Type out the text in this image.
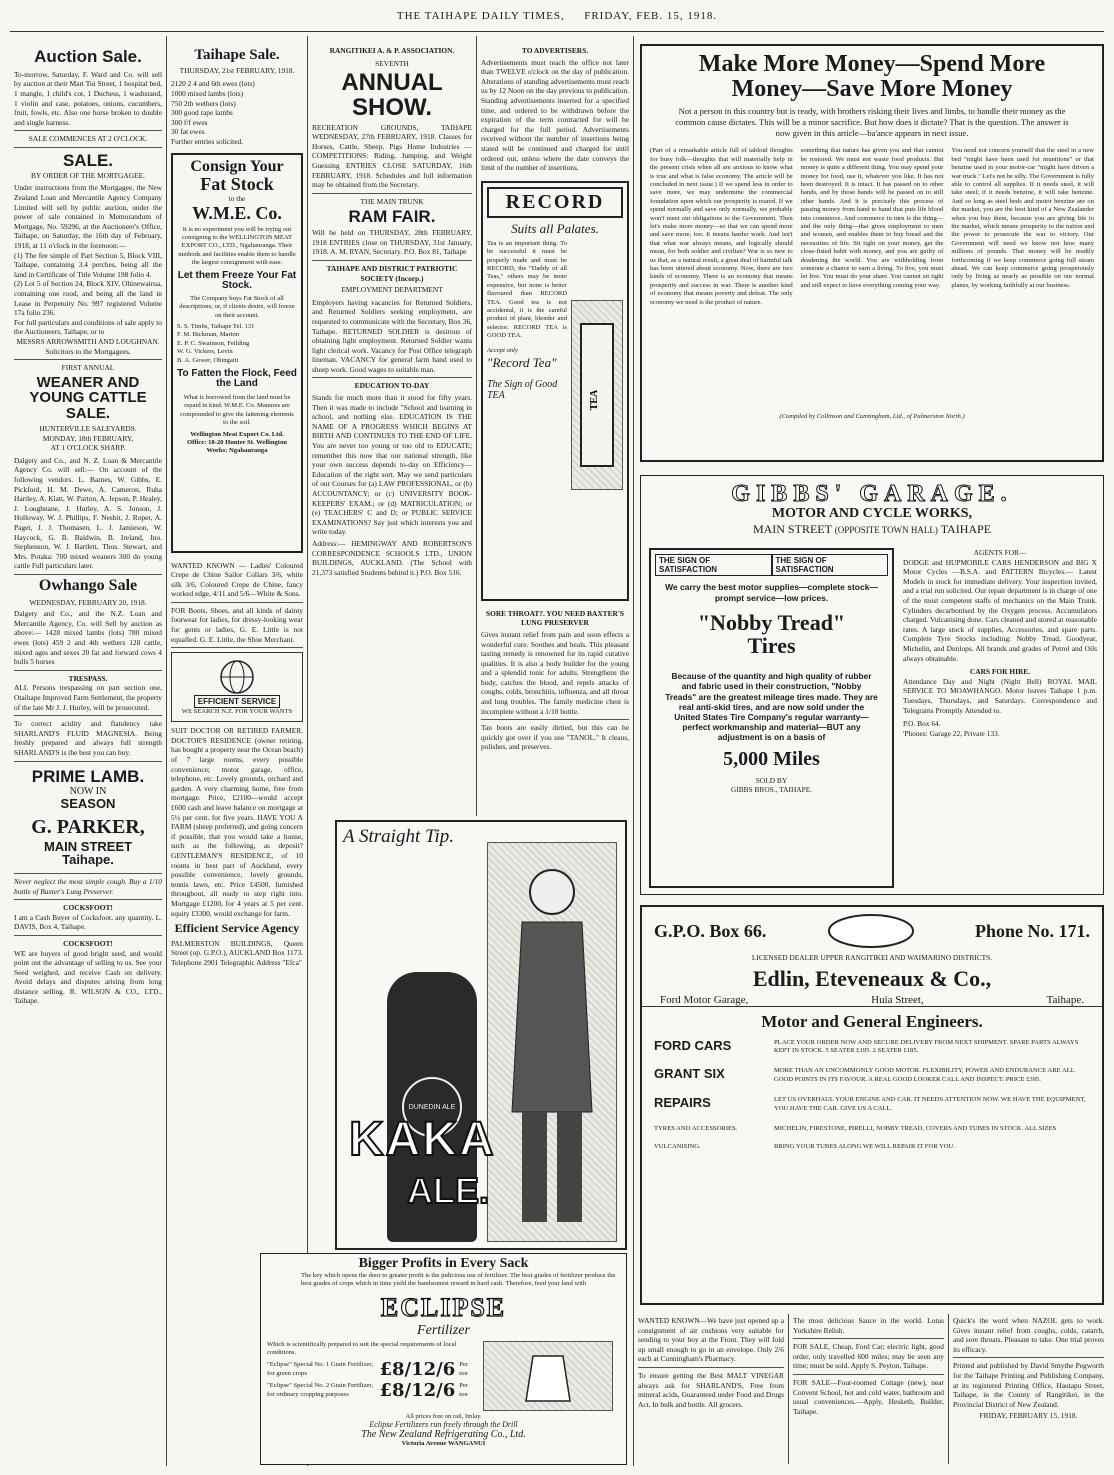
THE TAIHAPE DAILY TIMES, FRIDAY, FEB. 15, 1918.
Auction Sale.
To-morrow, Saturday, F. Ward and Co. will sell by auction at their Mart Tui Street, 1 hospital bed, 1 mangle, 1 child's cot, 1 Duchess, 1 washstand, 1 violin and case, potatoes, onions, cucumbers, fruit, fowls, etc. Also one horse broken to double and single harness.
SALE COMMENCES AT 2 O'CLOCK.
SALE.
BY ORDER OF THE MORTGAGEE.
Under instructions from the Mortgagee, the New Zealand Loan and Mercantile Agency Company Limited will sell by public auction, under the power of sale contained in Memorandum of Mortgage, No. 59296, at the Auctioneer's Office, Taihape, on Saturday, the 16th day of February, 1918, at 11 o'clock in the forenoon:—
(1) The fee simple of Part Section 5, Block VIII, Taihape, containing 3.4 perches, being all the land in Certificate of Title Volume 198 folio 4.
(2) Lot 5 of Section 24, Block XIV, Ohinewairua, containing one rood, and being all the land in Lease in Perpetuity No. 997 registered Volume 17a folio 236.
For full particulars and conditions of sale apply to the Auctioneers, Taihape, or to
MESSRS ARROWSMITH AND LOUGHNAN. Solicitors to the Mortgagees.
FIRST ANNUAL
WEANER AND YOUNG CATTLE SALE.
HUNTERVILLE SALEYARDS.
MONDAY, 18th FEBRUARY,
AT 1 O'CLOCK SHARP.
Dalgety and Co., and N. Z. Loan & Mercantile Agency Co. will sell:— On account of the following vendors. L. Barnes, W. Gibbs, E. Pickford, H. M. Dewe, A. Cameron, Ruha Hartley, A. Klatt, W. Parton, A. Jepson, P. Healey, J. Loughnane, J. Hurley, A. S. Jonson, J. Holloway, W. J. Phillips, F. Nesbit, J. Roper, A. Paget, J. J. Thomasen, L. J. Jamieson, W. Haycock, G. B. Baldwin, B. Ireland, Jno. Stephenson, W. J. Bartlett, Thos. Stewart, and Mrs. Potaka: 700 mixed weaners 300 do young cattle Full particulars later.
Owhango Sale
WEDNESDAY, FEBRUARY 20, 1918.
Dalgety and Co., and the N.Z. Loan and Mercantile Agency, Co. will Sell by auction as above:— 1428 mixed lambs (lots) 780 mixed ewes (lots) 459 2 and 4th wethers 128 cattle, mixed ages and sexes 20 fat and forward cows 4 bulls 5 horses
TRESPASS.
ALL Persons trespassing on part section one, Otaihape Improved Farm Settlement, the property of the late Mr J. J. Hurley, will be prosecuted.
To correct acidity and flatulency take SHARLAND'S FLUID MAGNESIA. Being freshly prepared and always full strength SHARLAND'S is the best you can buy.
PRIME LAMB.
NOW IN
SEASON
G. PARKER,
MAIN STREET
Taihape.
Never neglect the most simple cough. Buy a 1/10 bottle of Baxter's Lung Preserver.
COCKSFOOT!
I am a Cash Buyer of Cocksfoot, any quantity. L. DAVIS, Box 4, Taihape.
COCKSFOOT!
WE are buyers of good bright seed, and would point out the advantage of selling to us. See your Seed weighed, and receive Cash on delivery. Avoid delays and disputes arising from long distance selling. R. WILSON & CO., LTD., Taihape.
Taihape Sale.
THURSDAY, 21st FEBRUARY, 1918.
2120 2 4 and 6th ewes (lots)
1000 mixed lambs (lots)
750 2th wethers (lots)
300 good rape lambs
300 f/f ewes
30 fat ewes
Further entries solicited.
Consign Your
Fat Stock
to the
W.M.E. Co.
It is no experiment you will be trying out consigning to the WELLINGTON MEAT EXPORT CO., LTD., Ngahauranga. Their methods and facilities enable them to handle the largest consignment with ease.
Let them Freeze Your Fat Stock.
The Company buys Fat Stock of all descriptions; or, if clients desire, will freeze on their account.
S. S. Timbs, Taihape Tel. 131
F. M. Bickman, Marton
E. P. C. Swainson, Feilding
W. G. Vickers, Levin
B. A. Gower, Ohingaiti
To Fatten the Flock, Feed the Land
What is borrowed from the land must be repaid in kind. W.M.E. Co. Manures are compounded to give the fattening elements to the soil.
Wellington Meat Export Co. Ltd.
Office: 18-20 Hunter St. Wellington
Works: Ngahauranga
WANTED KNOWN — Ladies' Coloured Crepe de Chine Sailor Collars 3/6, white silk 3/6, Coloured Crepe de Chine, fancy worked edge, 4/11 and 5/6—White & Sons.
FOR Boots, Shoes, and all kinds of dainty footwear for ladies, for dressy-looking wear for gents or ladies, G. E. Little is not equalled. G. E. Little, the Shoe Merchant.
EFFICIENT SERVICE
WE SEARCH N.Z. FOR YOUR WANTS
SUIT DOCTOR OR RETIRED FARMER. DOCTOR'S RESIDENCE (owner retiring, has bought a property near the Ocean beach) of 7 large rooms, every possible convenience; motor garage, office, telephone, etc. Lovely grounds, orchard and garden. A very charming home, free from mortgage. Price, £2100—would accept £600 cash and leave balance on mortgage at 5½ per cent. for five years. HAVE YOU A FARM (sheep preferred), and going concern if possible, that you would take a house, such as the following, as deposit? GENTLEMAN'S RESIDENCE, of 10 rooms in best part of Auckland, every possible convenience, lovely grounds, tennis lawn, etc. Price £4500, furnished throughout, all ready to step right into. Mortgage £1200, for 4 years at 5 per cent. equity £3300, would exchange for farm.
Efficient Service Agency
PALMERSTON BUILDINGS, Queen Street (op. G.P.O.), AUCKLAND Box 1173. Telephone 2901 Telegraphic Address "Efca"
RANGITIKEI A. & P. ASSOCIATION.
SEVENTH
ANNUAL SHOW.
RECREATION GROUNDS, TAIHAPE WEDNESDAY, 27th FEBRUARY, 1918. Classes for Horses, Cattle, Sheep, Pigs Home Industries — COMPETITIONS: Riding, Jumping, and Weight Guessing ENTRIES CLOSE SATURDAY, 16th FEBRUARY, 1918. Schedules and full information may be obtained from the Secretary.
THE MAIN TRUNK
RAM FAIR.
Will be held on THURSDAY, 28th FEBRUARY, 1918 ENTRIES close on THURSDAY, 31st January, 1918. A. M. RYAN, Secretary. P.O. Box 81, Taihape
TAIHAPE AND DISTRICT PATRIOTIC SOCIETY (Incorp.)
EMPLOYMENT DEPARTMENT
Employers having vacancies for Returned Soldiers, and Returned Soldiers seeking employment, are requested to communicate with the Secretary, Box 36, Taihape. RETURNED SOLDIER is desirous of obtaining light employment. Returned Soldier wants light clerical work. Vacancy for Post Office telegraph lineman. VACANCY for general farm hand used to sheep work. Good wages to suitable man.
EDUCATION TO-DAY
Stands for much more than it stood for fifty years. Then it was made to include "School and learning in school, and nothing else. EDUCATION IS THE NAME OF A PROGRESS WHICH BEGINS AT BIRTH AND CONTINUES TO THE END OF LIFE. You are never too young or too old to EDUCATE; remember this now that our national strength, like your own success depends to-day on Efficiency—Education of the right sort. May we send particulars of our Courses for (a) LAW PROFESSIONAL, or (b) ACCOUNTANCY; or (c) UNIVERSITY BOOK-KEEPERS' EXAM.; or (d) MATRICULATION; or (e) TEACHERS' C and D; or PUBLIC SERVICE EXAMINATIONS? Say just which interests you and write today.
Address:— HEMINGWAY AND ROBERTSON'S CORRESPONDENCE SCHOOLS LTD., UNION BUILDINGS, AUCKLAND. (The School with 21,373 satisfied Students behind it.) P.O. Box 516.
TO ADVERTISERS.
Advertisements must reach the office not later than TWELVE o'clock on the day of publication. Alterations of standing advertisements must reach us by 12 Noon on the day previous to publication. Standing advertisements inserted for a specified time, and ordered to be withdrawn before the expiration of the term contracted for will be charged for the full period. Advertisements received without the number of insertions being stated will be continued and charged for until ordered out, unless where the date conveys the limit of the number of insertions.
RECORD
Suits all Palates.
Tea is an important thing. To be successful it must be properly made and must be RECORD, the "Daddy of all Teas," others may be more expensive, but none is better flavoured than RECORD TEA. Good tea is not accidental, it is the careful product of plant, blender and selector. RECORD TEA is GOOD TEA.
Accept only
"Record Tea"
The Sign of Good TEA	TEA
SORE THROAT?. YOU NEED BAXTER'S LUNG PRESERVER
Gives instant relief from pain and soon effects a wonderful cure. Soothes and heals. This pleasant tasting remedy is renowned for its rapid curative qualities. It is also a body builder for the young and a splendid tonic for adults. Strengthens the body, catches the blood, and repels attacks of coughs, colds, bronchitis, influenza, and all throat and lung troubles. The family medicine chest is incomplete without a 1/10 bottle.
Tan boots are easily dirtied, but this can be quickly got over if you use "TANOL." It cleans, polishes, and preserves.
A Straight Tip.
DUNEDIN ALE
KAKA
ALE.
Bigger Profits in Every Sack
The key which opens the door to greater profit is the judicious use of fertilizer. The best grades of fertilizer produce the best grades of crops which in time yield the handsomest reward in hard cash. Therefore, feed your land with
ECLIPSE
Fertilizer
Which is scientifically prepared to suit the special requirements of local conditions.
"Eclipse" Special No. 1 Grain Fertilizer, for green crops	£8/12/6 Per ton
"Eclipse" Special No. 2 Grain Fertilizer, for ordinary cropping purposes	£8/12/6 Per ton
All prices free on rail, Imlay.
Eclipse Fertilizers run freely through the Drill
The New Zealand Refrigerating Co., Ltd.
Victoria Avenue WANGANUI
Make More Money—Spend More
Money—Save More Money
Not a person in this country but is ready, with brothers risking their lives and limbs, to handle their money as the common cause dictates. This will be a minor sacrifice. But how does it dictate? That is the question. The answer is now given in this article—ba'ance appears in next issue.
(Part of a remarkable article full of tabloid thoughts for busy folk—thoughts that will materially help in the present crisis when all are anxious to know what is true and what is false economy. The article will be concluded in next issue.) If we spend less in order to save more, we may undermine the commercial foundation upon which our prosperity is reared. If we spend normally and save only normally, we probably won't meet our obligations to the Government. Then let's make more money—so that we can spend more and save more, too. It means harder work. And isn't that what war always means, and logically should mean, for both soldier and civilian? War is so new to us that, as a natural result, a great deal of harmful talk has been uttered about economy. Now, there are two kinds of economy. There is an economy that means prosperity and success in war. There is another kind of economy that means poverty and defeat. The only economy we need is the product of nature.
something that nature has given you and that cannot be restored. We must not waste food products. But money is quite a different thing. You may spend your money for food, use it, whatever you like. It has not been destroyed. It is intact. It has passed on to other hands, and by those hands will be passed on to still other hands. And it is precisely this process of passing money from hand to hand that puts life blood into commerce. And commerce in turn is the thing—and the only thing—that gives employment to men and women, and enables them to buy bread and the necessities of life. Sit tight on your money, get the close-fisted habit with money, and you are guilty of deadening the world. You are withholding from someone a chance to earn a living. To live, you must let live. You must do your share. You cannot sit tight and still expect to have everything coming your way.
You need not concern yourself that the steel in a new bed "might have been used for munitions" or that benzine used in your motor-car "might have driven a war truck." Let's not be silly. The Government is fully able to control all supplies. If it needs steel, it will take steel; if it needs benzine, it will take benzine. And so long as steel beds and motor benzine are on the market, you are the best kind of a New Zealander when you buy them, because you are giving life to the market, which means prosperity to the nation and the power to prosecute the war to victory. Our Government will need we know not how many millions of pounds. That money will be readily forthcoming if we keep commerce going full steam ahead. We can keep commerce going prosperously only by living as nearly as possible on our normal planes, by working faithfully at our business.
(Compiled by Collinson and Cunningham, Ltd., of Palmerston North.)
GIBBS' GARAGE.
MOTOR AND CYCLE WORKS,
MAIN STREET (OPPOSITE TOWN HALL) TAIHAPE
THE SIGN OF SATISFACTION
THE SIGN OF SATISFACTION
We carry the best motor supplies—complete stock—prompt service—low prices.
"Nobby Tread"
Tires
Because of the quantity and high quality of rubber and fabric used in their construction, "Nobby Treads" are the greatest mileage tires made. They are real anti-skid tires, and are now sold under the United States Tire Company's regular warranty—perfect workmanship and material—BUT any adjustment is on a basis of
5,000 Miles
SOLD BY
GIBBS BROS., TAIHAPE.
AGENTS FOR—
DODGE and HUPMOBILE CARS HENDERSON and BIG X Motor Cycles —B.S.A. and PATTERN Bicycles.— Latest Models in stock for immediate delivery. Your inspection invited, and a trial run solicited. Our repair department is in charge of one of the most competent staffs of mechanics on the Main Trunk. Cylinders decarbonised by the Oxygen process. Accumulators charged. Vulcanising done. Cars cleaned and stored at reasonable rates. A large stock of supplies, Accessories, and spare parts. Complete Tyre Stocks including: Nobby Tread, Goodyear, Michelin, and Dunlops. All brands and grades of Petrol and Oils always obtainable.
CARS FOR HIRE.
Attendance Day and Night (Night Bell) ROYAL MAIL SERVICE TO MOAWHANGO. Motor leaves Taihape 1 p.m. Tuesdays, Thursdays, and Saturdays. Correspondence and Telegrams Promptly Attended to.
P.O. Box 64.
'Phones: Garage 22, Private 133.
G.P.O. Box 66.	Phone No. 171.
LICENSED DEALER UPPER RANGITIKEI AND WAIMARINO DISTRICTS.
Edlin, Eteveneaux & Co.,
Ford Motor Garage,	Huia Street,	Taihape.
Motor and General Engineers.
FORD CARS	PLACE YOUR ORDER NOW AND SECURE DELIVERY FROM NEXT SHIPMENT. SPARE PARTS ALWAYS KEPT IN STOCK. 5 SEATER £195. 2 SEATER £185.
GRANT SIX	MORE THAN AN UNCOMMONLY GOOD MOTOR. FLEXIBILITY, POWER AND ENDURANCE ARE ALL GOOD POINTS IN ITS FAVOUR. A REAL GOOD LOOKER CALL AND INSPECT. PRICE £395.
REPAIRS	LET US OVERHAUL YOUR ENGINE AND CAR. IT NEEDS ATTENTION NOW. WE HAVE THE EQUIPMENT, YOU HAVE THE CAR. GIVE US A CALL.
TYRES AND ACCESSORIES.	MICHELIN, FIRESTONE, PIRELLI, NOBBY TREAD, COVERS AND TUBES IN STOCK. ALL SIZES
VULCANISING.	BRING YOUR TUBES ALONG WE WILL REPAIR IT FOR YOU.
WANTED KNOWN—We have just opened up a consignment of air cushions very suitable for sending to your boy at the Front. They will fold up small enough to go in an envelope. Only 2/6 each at Cunningham's Pharmacy.
To ensure getting the Best MALT VINEGAR always ask for SHARLAND'S, Free from mineral acids, Guaranteed under Food and Drugs Act. In bulk and bottle. All grocers.
The most delicious Sauce in the world. Lotus Yorkshire Relish.
FOR SALE, Cheap, Ford Car; electric light, good order, only travelled 600 miles; may be seen any time; must be sold. Apply S. Peyton, Taihape.
FOR SALE—Four-roomed Cottage (new), near Convent School, hot and cold water, bathroom and usual conveniences.—Apply, Hesketh, Builder, Taihape.
Quick's the word when NAZOL gets to work. Gives instant relief from coughs, colds, catarrh, and sore throats. Pleasant to take. One trial proves its efficacy.
Printed and published by David Smythe Pegworth for the Taihape Printing and Publishing Company, at its registered Printing Office, Hautapu Street, Taihape, in the County of Rangitikei, in the Provincial District of New Zealand.
FRIDAY, FEBRUARY 15, 1918.
